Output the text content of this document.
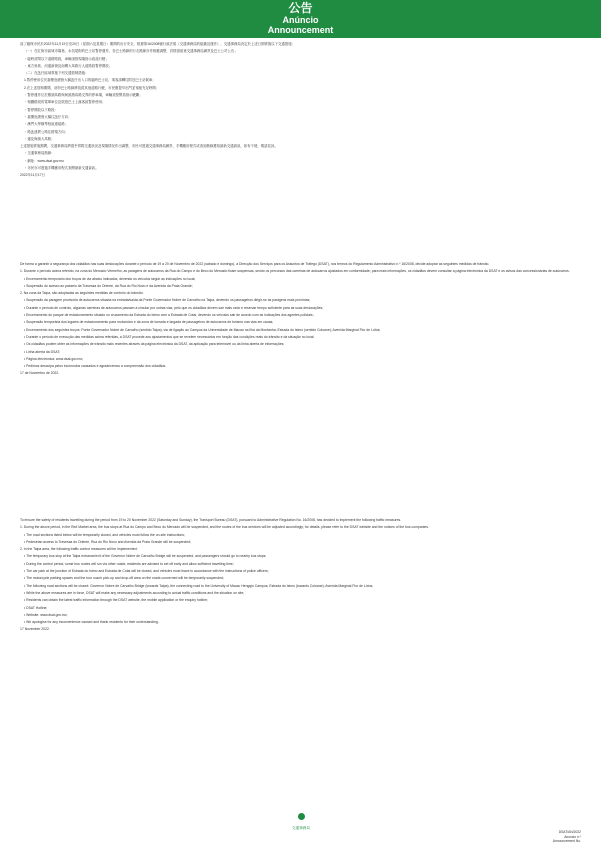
公告
Anúncio
Announcement

爲了確保市民於2022年11月19日至20日（星期六及星期日）期間的出行安全，根據第16/2008號行政法規《交通事務局的組織及運作》，交通事務局決定於上述日期實施以下交通措施：

（一）在紅街市區域市場巷、水坑尾街的巴士站暫停運作，各巴士路線的行走路線亦作相應調整，詳情請留意交通事務局網頁及巴士公司公告；

・臨時封閉以下道路路段，車輛須按現場指示改道行駛；

・東方斜巷、河邊新街及南灣大馬路行人道路段暫停開放；

（二）在氹仔區域實施下列交通管制措施：

1.暫停使用位於嘉樂庇總督大橋氹仔出入口的臨時巴士站，乘客請轉往附近巴士站候車；

2.在上述管制期間，部份巴士路線將改經其他道路行駛，市民應提早出門並預留充足時間；

・暫停運作位於雞頸馬路與柯維納馬路交界的停車場，車輛須按警員指示駛離；

・相關路段的電單車位及旅遊巴士上落客區暫停使用；

・暫停開放以下路段：

・嘉樂庇總督大橋往氹仔方向；

・澳門大學橫琴校區連接路；

・路氹連貫公路往路環方向；

・蓮花海濱大馬路；

上述措施實施期間，交通事務局將視乎實際交通狀況及現場情況作出調整，市民可透過交通事務局網頁、手機應用程式或查詢熱線獲取最新交通資訊，如有不便，敬請見諒。

・交通事務局熱線：

・網址：www.dsat.gov.mo

・市民亦可透過手機應用程式查閱最新交通資訊。

2022年11月17日

De forma a garantir a segurança dos cidadãos nas suas deslocações durante o período de 19 a 20 de Novembro de 2022 (sábado e domingo), a Direcção dos Serviços para os Assuntos de Tráfego (DSAT), nos termos do Regulamento Administrativo n.º 16/2008, decide adoptar as seguintes medidas de trânsito.

1. Durante o período acima referido, na zona do Mercado Vermelho, as paragens de autocarros da Rua do Campo e do Beco do Mercado ficam suspensas, sendo os percursos das carreiras de autocarros ajustados em conformidade; para mais informações, os cidadãos devem consultar a página electrónica da DSAT e os avisos das concessionárias de autocarros.

• Encerramento temporário dos troços de via abaixo indicados, devendo os veículos seguir as indicações no local;

• Suspensão do acesso ao passeio da Travessa do Oriente, da Rua do Rio Novo e da Avenida da Praia Grande;

2. Na zona da Taipa, são adoptadas as seguintes medidas de controlo do trânsito:

• Suspensão da paragem provisória de autocarros situada na entrada/saída da Ponte Governador Nobre de Carvalho na Taipa, devendo os passageiros dirigir-se às paragens mais próximas;

• Durante o período de controlo, algumas carreiras de autocarros passam a circular por outras vias, pelo que os cidadãos devem sair mais cedo e reservar tempo suficiente para as suas deslocações;

• Encerramento do parque de estacionamento situado no cruzamento da Estrada do Istmo com a Estrada de Cotai, devendo os veículos sair de acordo com as indicações dos agentes policiais;

• Suspensão temporária dos lugares de estacionamento para motociclos e da zona de tomada e largada de passageiros de autocarros de turismo nas vias em causa;

• Encerramento dos seguintes troços: Ponte Governador Nobre de Carvalho (sentido Taipa); via de ligação ao Campus da Universidade de Macau na Ilha da Montanha; Estrada do Istmo (sentido Coloane); Avenida Marginal Flor de Lótus;

• Durante o período de execução das medidas acima referidas, a DSAT procede aos ajustamentos que se revelem necessários em função das condições reais do trânsito e da situação no local;

• Os cidadãos podem obter as informações de trânsito mais recentes através da página electrónica da DSAT, da aplicação para telemóvel ou da linha aberta de informações;

• Linha aberta da DSAT;

• Página electrónica: www.dsat.gov.mo;

• Pedimos desculpa pelos incómodos causados e agradecemos a compreensão dos cidadãos.

17 de Novembro de 2022.

To ensure the safety of residents travelling during the period from 19 to 20 November 2022 (Saturday and Sunday), the Transport Bureau (DSAT), pursuant to Administrative Regulation No. 16/2008, has decided to implement the following traffic measures.

1. During the above period, in the Red Market area, the bus stops at Rua do Campo and Beco do Mercado will be suspended, and the routes of the bus services will be adjusted accordingly; for details, please refer to the DSAT website and the notices of the bus companies.

• The road sections listed below will be temporarily closed, and vehicles must follow the on-site instructions;

• Pedestrian access to Travessa do Oriente, Rua do Rio Novo and Avenida da Praia Grande will be suspended;

2. In the Taipa area, the following traffic control measures will be implemented:

• The temporary bus stop at the Taipa entrance/exit of the Governor Nobre de Carvalho Bridge will be suspended, and passengers should go to nearby bus stops;

• During the control period, some bus routes will run via other roads; residents are advised to set off early and allow sufficient travelling time;

• The car park at the junction of Estrada do Istmo and Estrada de Cotai will be closed, and vehicles must leave in accordance with the instructions of police officers;

• The motorcycle parking spaces and the tour coach pick-up and drop-off area on the roads concerned will be temporarily suspended;

• The following road sections will be closed: Governor Nobre de Carvalho Bridge (towards Taipa); the connecting road to the University of Macau Hengqin Campus; Estrada do Istmo (towards Coloane); Avenida Marginal Flor de Lótus;

• While the above measures are in force, DSAT will make any necessary adjustments according to actual traffic conditions and the situation on site;

• Residents can obtain the latest traffic information through the DSAT website, the mobile application or the enquiry hotline;

• DSAT Hotline;

• Website: www.dsat.gov.mo;

• We apologise for any inconvenience caused and thank residents for their understanding.

17 November 2022.

交通事務局
DSAT/AN/2022
Anúncio n.º
Announcement No.
